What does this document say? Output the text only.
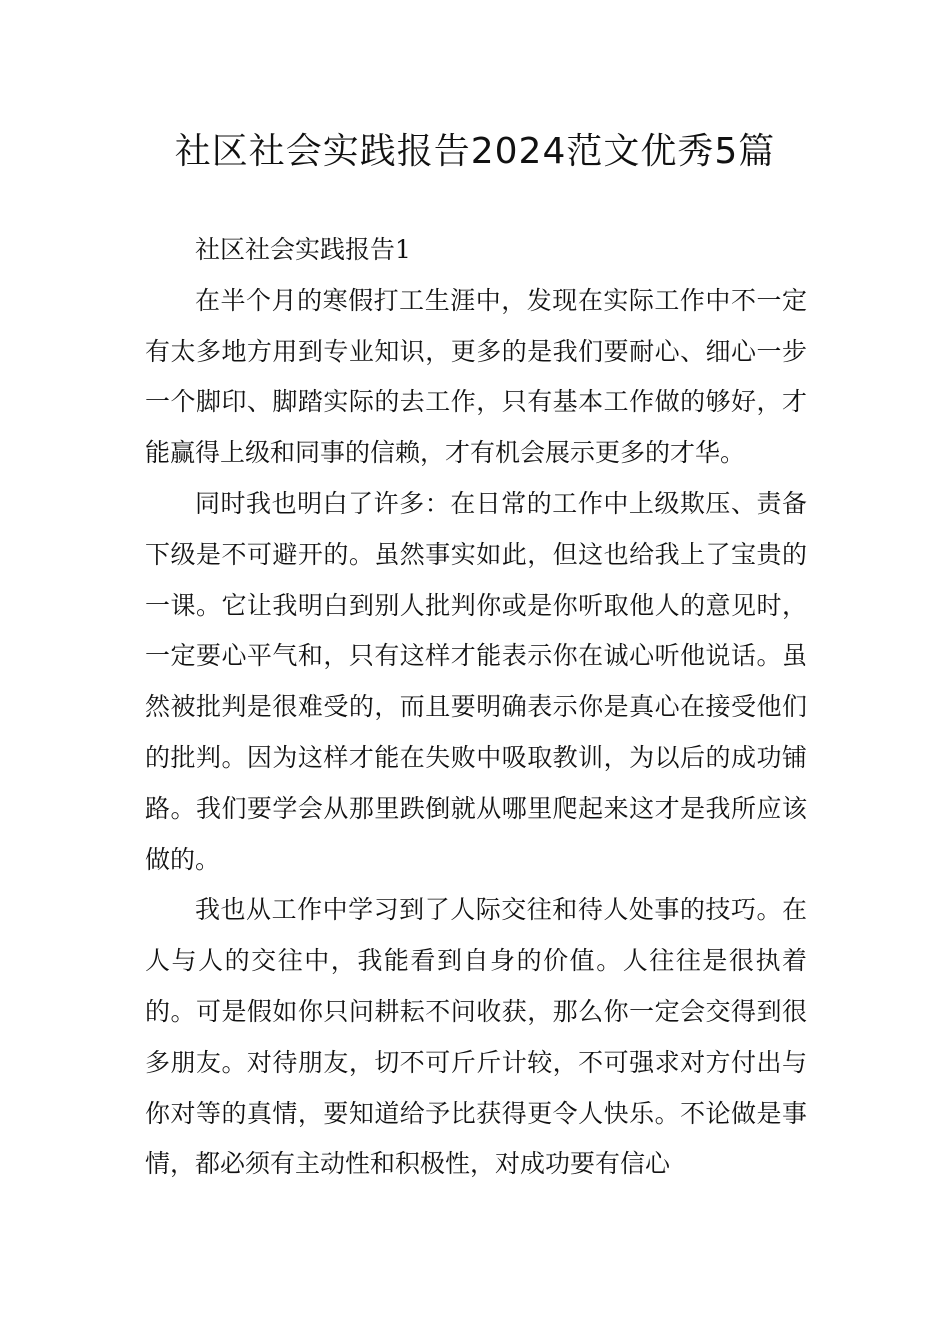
社区社会实践报告2024范文优秀5篇

社区社会实践报告1

在半个月的寒假打工生涯中，发现在实际工作中不一定有太多地方用到专业知识，更多的是我们要耐心、细心一步一个脚印、脚踏实际的去工作，只有基本工作做的够好，才能赢得上级和同事的信赖，才有机会展示更多的才华。

同时我也明白了许多：在日常的工作中上级欺压、责备下级是不可避开的。虽然事实如此，但这也给我上了宝贵的一课。它让我明白到别人批判你或是你听取他人的意见时，一定要心平气和，只有这样才能表示你在诚心听他说话。虽然被批判是很难受的，而且要明确表示你是真心在接受他们的批判。因为这样才能在失败中吸取教训，为以后的成功铺路。我们要学会从那里跌倒就从哪里爬起来这才是我所应该做的。

我也从工作中学习到了人际交往和待人处事的技巧。在人与人的交往中，我能看到自身的价值。人往往是很执着的。可是假如你只问耕耘不问收获，那么你一定会交得到很多朋友。对待朋友，切不可斤斤计较，不可强求对方付出与你对等的真情，要知道给予比获得更令人快乐。不论做是事情，都必须有主动性和积极性，对成功要有信心
